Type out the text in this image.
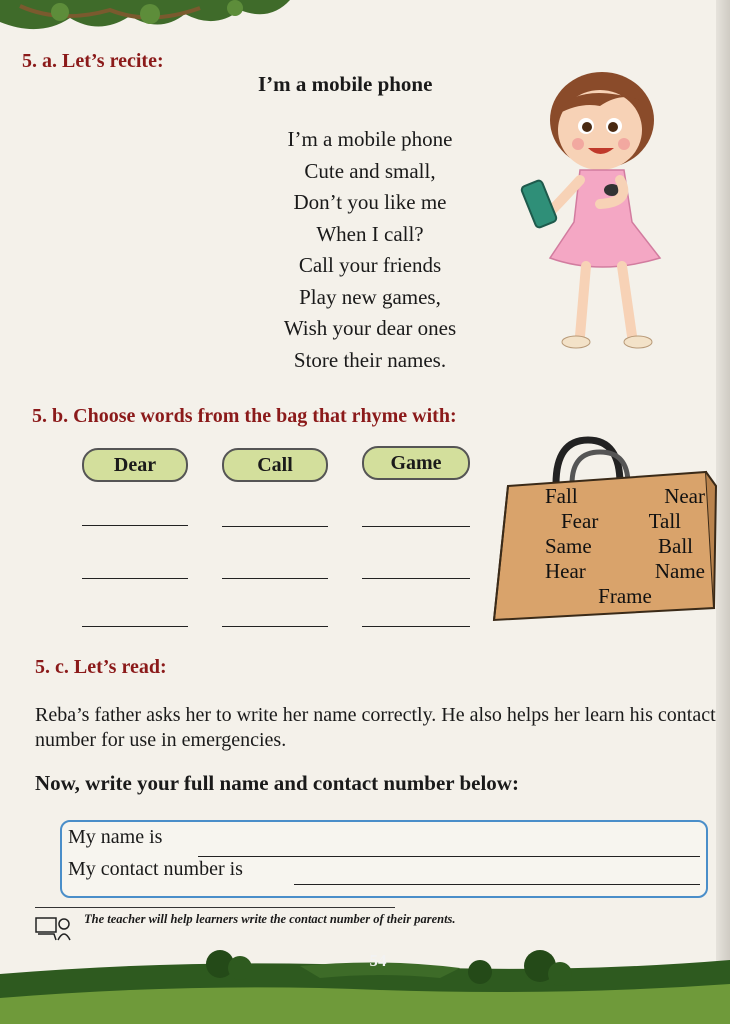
5. a. Let’s recite:
I’m a mobile phone
I’m a mobile phone
Cute and small,
Don’t you like me
When I call?
Call your friends
Play new games,
Wish your dear ones
Store their names.
5. b. Choose words from the bag that rhyme with:
Dear	Call	Game
Fall	Near
Fear Tall
Same	Ball
Hear	Name
Frame
5. c. Let’s read:
Reba’s father asks her to write her name correctly. He also helps her learn his contact number for use in emergencies.
Now, write your full name and contact number below:
My name is
My contact number is
The teacher will help learners write the contact number of their parents.
54
